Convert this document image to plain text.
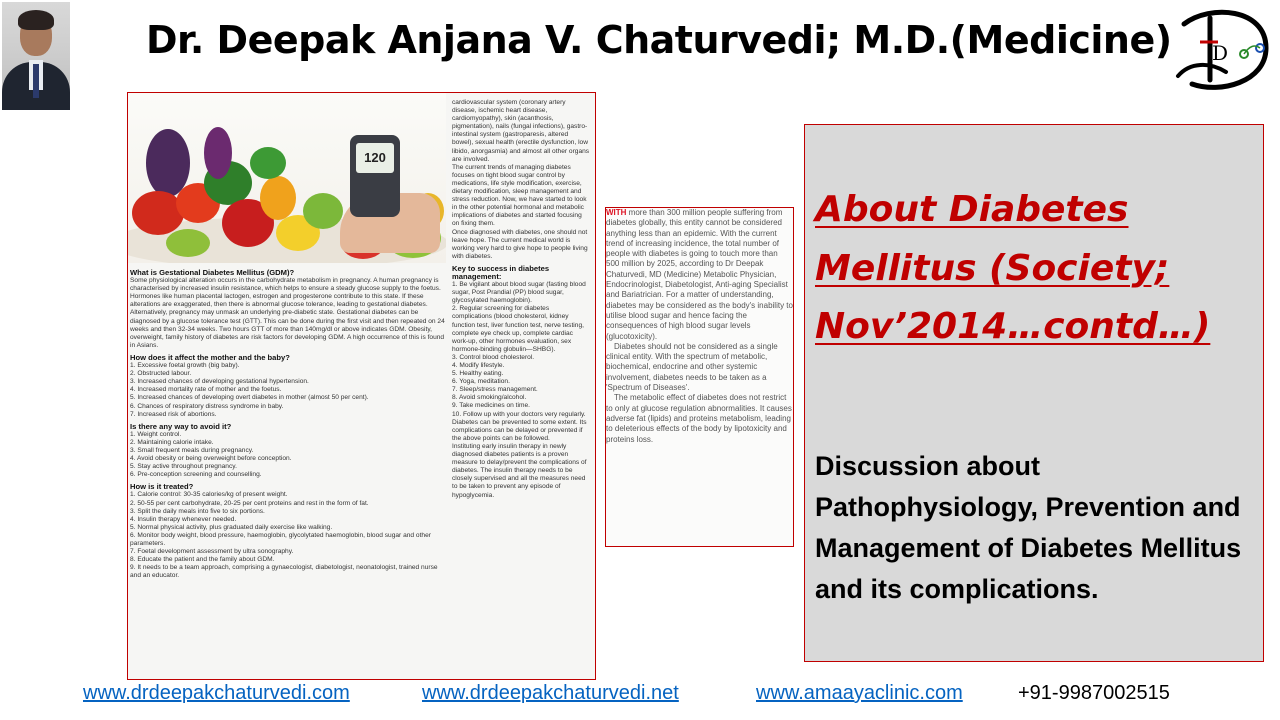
Dr. Deepak Anjana V. Chaturvedi; M.D.(Medicine) D
120

What is Gestational Diabetes Mellitus (GDM)?

Some physiological alteration occurs in the carbohydrate metabolism in pregnancy. A human pregnancy is characterised by increased insulin resistance, which helps to ensure a steady glucose supply to the foetus. Hormones like human placental lactogen, estrogen and progesterone contribute to this state. If these alterations are exaggerated, then there is abnormal glucose tolerance, leading to gestational diabetes.

Alternatively, pregnancy may unmask an underlying pre-diabetic state. Gestational diabetes can be diagnosed by a glucose tolerance test (GTT). This can be done during the first visit and then repeated on 24 weeks and then 32-34 weeks. Two hours GTT of more than 140mg/dl or above indicates GDM. Obesity, overweight, family history of diabetes are risk factors for developing GDM. A high occurrence of this is found in Asians.

How does it affect the mother and the baby?

1. Excessive foetal growth (big baby).

2. Obstructed labour.

3. Increased chances of developing gestational hypertension.

4. Increased mortality rate of mother and the foetus.

5. Increased chances of developing overt diabetes in mother (almost 50 per cent).

6. Chances of respiratory distress syndrome in baby.

7. Increased risk of abortions.

Is there any way to avoid it?

1. Weight control.

2. Maintaining calorie intake.

3. Small frequent meals during pregnancy.

4. Avoid obesity or being overweight before conception.

5. Stay active throughout pregnancy.

6. Pre-conception screening and counselling.

How is it treated?

1. Calorie control: 30-35 calories/kg of present weight.

2. 50-55 per cent carbohydrate, 20-25 per cent proteins and rest in the form of fat.

3. Split the daily meals into five to six portions.

4. Insulin therapy whenever needed.

5. Normal physical activity, plus graduated daily exercise like walking.

6. Monitor body weight, blood pressure, haemoglobin, glycolytated haemoglobin, blood sugar and other parameters.

7. Foetal development assessment by ultra sonography.

8. Educate the patient and the family about GDM.

9. It needs to be a team approach, comprising a gynaecologist, diabetologist, neonatologist, trained nurse and an educator.

cardiovascular system (coronary artery disease, ischemic heart disease, cardiomyopathy), skin (acanthosis, pigmentation), nails (fungal infections), gastro-intestinal system (gastroparesis, altered bowel), sexual health (erectile dysfunction, low libido, anorgasmia) and almost all other organs are involved.

The current trends of managing diabetes focuses on tight blood sugar control by medications, life style modification, exercise, dietary modification, sleep management and stress reduction. Now, we have started to look in the other potential hormonal and metabolic implications of diabetes and started focusing on fixing them.

Once diagnosed with diabetes, one should not leave hope. The current medical world is working very hard to give hope to people living with diabetes.

Key to success in diabetes management:

1. Be vigilant about blood sugar (fasting blood sugar, Post Prandial (PP) blood sugar, glycosylated haemoglobin).

2. Regular screening for diabetes complications (blood cholesterol, kidney function test, liver function test, nerve testing, complete eye check up, complete cardiac work-up, other hormones evaluation, sex hormone-binding globulin—SHBG).

3. Control blood cholesterol.

4. Modify lifestyle.

5. Healthy eating.

6. Yoga, meditation.

7. Sleep/stress management.

8. Avoid smoking/alcohol.

9. Take medicines on time.

10. Follow up with your doctors very regularly.

Diabetes can be prevented to some extent. Its complications can be delayed or prevented if the above points can be followed.

Instituting early insulin therapy in newly diagnosed diabetes patients is a proven measure to delay/prevent the complications of diabetes. The insulin therapy needs to be closely supervised and all the measures need to be taken to prevent any episode of hypoglycemia.

WITH more than 300 million people suffering from diabetes globally, this entity cannot be considered anything less than an epidemic. With the current trend of increasing incidence, the total number of people with diabetes is going to touch more than 500 million by 2025, according to Dr Deepak Chaturvedi, MD (Medicine) Metabolic Physician, Endocrinologist, Diabetologist, Anti-aging Specialist and Bariatrician. For a matter of understanding, diabetes may be considered as the body's inability to utilise blood sugar and hence facing the consequences of high blood sugar levels (glucotoxicity).

Diabetes should not be considered as a single clinical entity. With the spectrum of metabolic, biochemical, endocrine and other systemic involvement, diabetes needs to be taken as a 'Spectrum of Diseases'.

The metabolic effect of diabetes does not restrict to only at glucose regulation abnormalities. It causes adverse fat (lipids) and proteins metabolism, leading to deleterious effects of the body by lipotoxicity and proteins loss.

About Diabetes Mellitus (Society; Nov’2014…contd…)

Discussion about Pathophysiology, Prevention and Management of Diabetes Mellitus and its complications.

www.drdeepakchaturvedi.com	www.drdeepakchaturvedi.net	www.amaayaclinic.com	+91-9987002515
